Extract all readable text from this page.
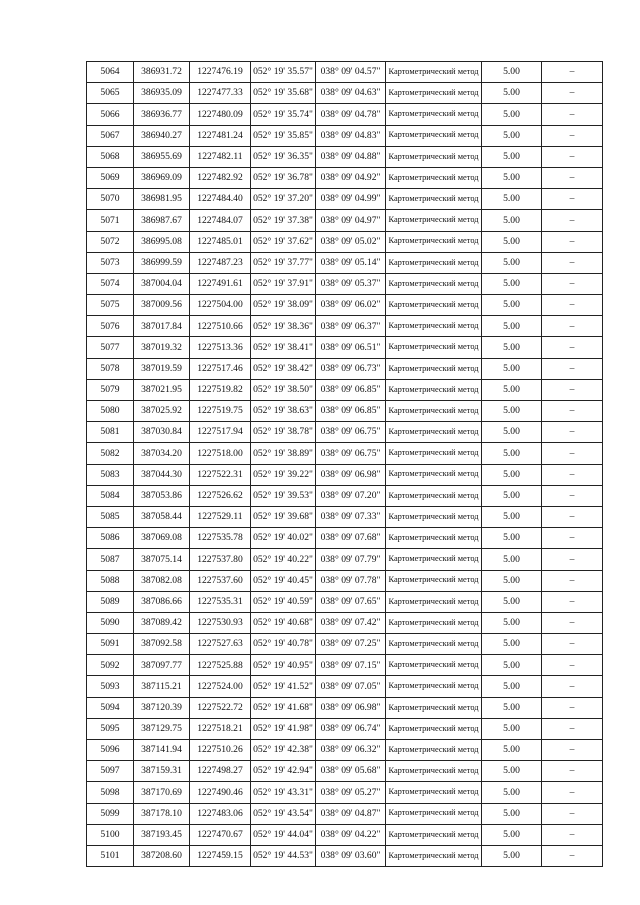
5064	386931.72	1227476.19	052° 19' 35.57"	038° 09' 04.57"	Картометрический метод	5.00	–
5065	386935.09	1227477.33	052° 19' 35.68"	038° 09' 04.63"	Картометрический метод	5.00	–
5066	386936.77	1227480.09	052° 19' 35.74"	038° 09' 04.78"	Картометрический метод	5.00	–
5067	386940.27	1227481.24	052° 19' 35.85"	038° 09' 04.83"	Картометрический метод	5.00	–
5068	386955.69	1227482.11	052° 19' 36.35"	038° 09' 04.88"	Картометрический метод	5.00	–
5069	386969.09	1227482.92	052° 19' 36.78"	038° 09' 04.92"	Картометрический метод	5.00	–
5070	386981.95	1227484.40	052° 19' 37.20"	038° 09' 04.99"	Картометрический метод	5.00	–
5071	386987.67	1227484.07	052° 19' 37.38"	038° 09' 04.97"	Картометрический метод	5.00	–
5072	386995.08	1227485.01	052° 19' 37.62"	038° 09' 05.02"	Картометрический метод	5.00	–
5073	386999.59	1227487.23	052° 19' 37.77"	038° 09' 05.14"	Картометрический метод	5.00	–
5074	387004.04	1227491.61	052° 19' 37.91"	038° 09' 05.37"	Картометрический метод	5.00	–
5075	387009.56	1227504.00	052° 19' 38.09"	038° 09' 06.02"	Картометрический метод	5.00	–
5076	387017.84	1227510.66	052° 19' 38.36"	038° 09' 06.37"	Картометрический метод	5.00	–
5077	387019.32	1227513.36	052° 19' 38.41"	038° 09' 06.51"	Картометрический метод	5.00	–
5078	387019.59	1227517.46	052° 19' 38.42"	038° 09' 06.73"	Картометрический метод	5.00	–
5079	387021.95	1227519.82	052° 19' 38.50"	038° 09' 06.85"	Картометрический метод	5.00	–
5080	387025.92	1227519.75	052° 19' 38.63"	038° 09' 06.85"	Картометрический метод	5.00	–
5081	387030.84	1227517.94	052° 19' 38.78"	038° 09' 06.75"	Картометрический метод	5.00	–
5082	387034.20	1227518.00	052° 19' 38.89"	038° 09' 06.75"	Картометрический метод	5.00	–
5083	387044.30	1227522.31	052° 19' 39.22"	038° 09' 06.98"	Картометрический метод	5.00	–
5084	387053.86	1227526.62	052° 19' 39.53"	038° 09' 07.20"	Картометрический метод	5.00	–
5085	387058.44	1227529.11	052° 19' 39.68"	038° 09' 07.33"	Картометрический метод	5.00	–
5086	387069.08	1227535.78	052° 19' 40.02"	038° 09' 07.68"	Картометрический метод	5.00	–
5087	387075.14	1227537.80	052° 19' 40.22"	038° 09' 07.79"	Картометрический метод	5.00	–
5088	387082.08	1227537.60	052° 19' 40.45"	038° 09' 07.78"	Картометрический метод	5.00	–
5089	387086.66	1227535.31	052° 19' 40.59"	038° 09' 07.65"	Картометрический метод	5.00	–
5090	387089.42	1227530.93	052° 19' 40.68"	038° 09' 07.42"	Картометрический метод	5.00	–
5091	387092.58	1227527.63	052° 19' 40.78"	038° 09' 07.25"	Картометрический метод	5.00	–
5092	387097.77	1227525.88	052° 19' 40.95"	038° 09' 07.15"	Картометрический метод	5.00	–
5093	387115.21	1227524.00	052° 19' 41.52"	038° 09' 07.05"	Картометрический метод	5.00	–
5094	387120.39	1227522.72	052° 19' 41.68"	038° 09' 06.98"	Картометрический метод	5.00	–
5095	387129.75	1227518.21	052° 19' 41.98"	038° 09' 06.74"	Картометрический метод	5.00	–
5096	387141.94	1227510.26	052° 19' 42.38"	038° 09' 06.32"	Картометрический метод	5.00	–
5097	387159.31	1227498.27	052° 19' 42.94"	038° 09' 05.68"	Картометрический метод	5.00	–
5098	387170.69	1227490.46	052° 19' 43.31"	038° 09' 05.27"	Картометрический метод	5.00	–
5099	387178.10	1227483.06	052° 19' 43.54"	038° 09' 04.87"	Картометрический метод	5.00	–
5100	387193.45	1227470.67	052° 19' 44.04"	038° 09' 04.22"	Картометрический метод	5.00	–
5101	387208.60	1227459.15	052° 19' 44.53"	038° 09' 03.60"	Картометрический метод	5.00	–
